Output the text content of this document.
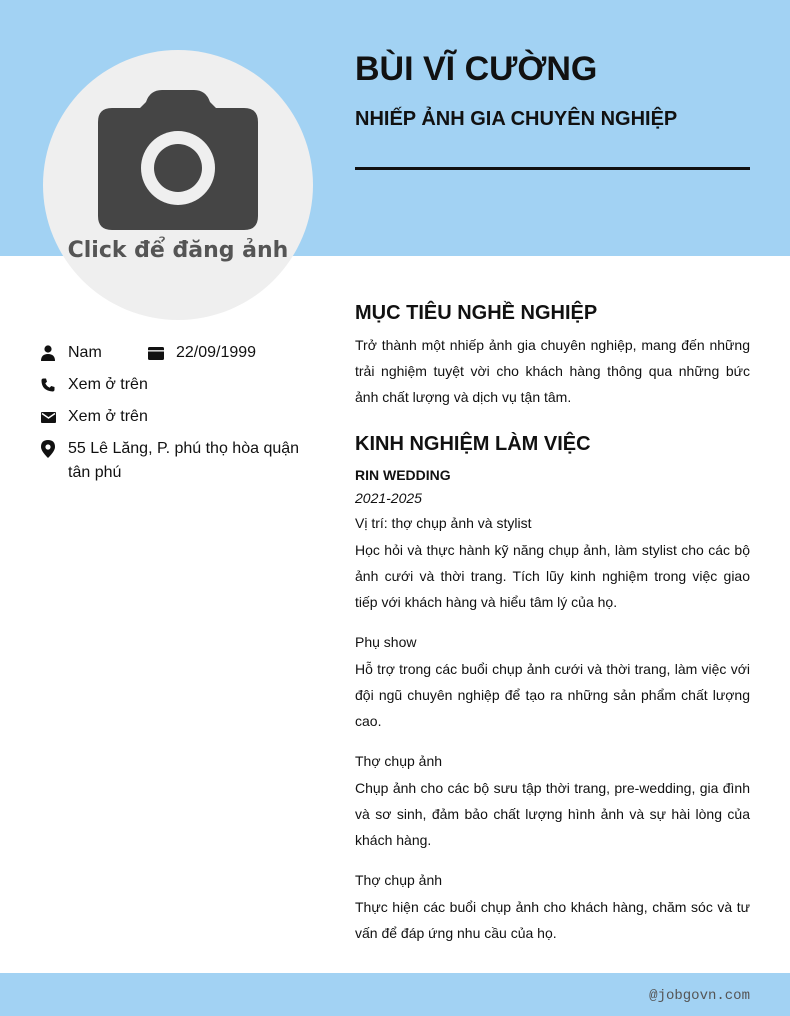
Click để đăng ảnh
BÙI VĨ CƯỜNG
NHIẾP ẢNH GIA CHUYÊN NGHIỆP
Nam	22/09/1999
Xem ở trên
Xem ở trên
55 Lê Lăng, P. phú thọ hòa quận tân phú
MỤC TIÊU NGHỀ NGHIỆP

Trở thành một nhiếp ảnh gia chuyên nghiệp, mang đến những trải nghiệm tuyệt vời cho khách hàng thông qua những bức ảnh chất lượng và dịch vụ tận tâm.

KINH NGHIỆM LÀM VIỆC
RIN WEDDING
2021-2025
Vị trí: thợ chụp ảnh và stylist

Học hỏi và thực hành kỹ năng chụp ảnh, làm stylist cho các bộ ảnh cưới và thời trang. Tích lũy kinh nghiệm trong việc giao tiếp với khách hàng và hiểu tâm lý của họ.

Phụ show

Hỗ trợ trong các buổi chụp ảnh cưới và thời trang, làm việc với đội ngũ chuyên nghiệp để tạo ra những sản phẩm chất lượng cao.

Thợ chụp ảnh

Chụp ảnh cho các bộ sưu tập thời trang, pre-wedding, gia đình và sơ sinh, đảm bảo chất lượng hình ảnh và sự hài lòng của khách hàng.

Thợ chụp ảnh

Thực hiện các buổi chụp ảnh cho khách hàng, chăm sóc và tư vấn để đáp ứng nhu cầu của họ.

@jobgovn.com
